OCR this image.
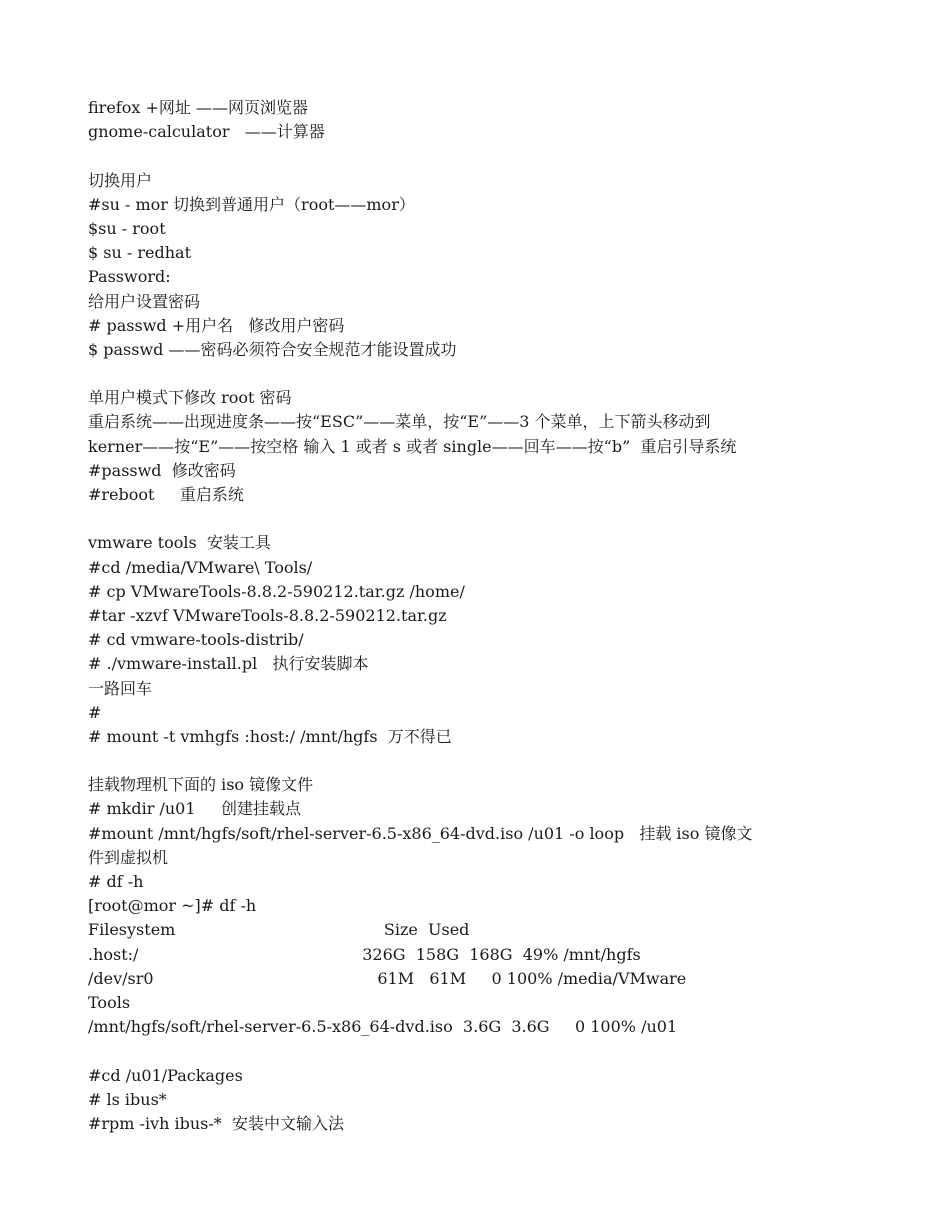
firefox +网址 ——网页浏览器
gnome-calculator   ——计算器
切换用户
#su - mor 切换到普通用户（root——mor）
$su - root
$ su - redhat
Password:
给用户设置密码
# passwd +用户名   修改用户密码
$ passwd ——密码必须符合安全规范才能设置成功
单用户模式下修改 root 密码
重启系统——出现进度条——按“ESC”——菜单，按“E”——3 个菜单，上下箭头移动到
kerner——按“E”——按空格 输入 1 或者 s 或者 single——回车——按“b”  重启引导系统
#passwd  修改密码
#reboot     重启系统
vmware tools  安装工具
#cd /media/VMware\ Tools/
# cp VMwareTools-8.8.2-590212.tar.gz /home/
#tar -xzvf VMwareTools-8.8.2-590212.tar.gz
# cd vmware-tools-distrib/
# ./vmware-install.pl   执行安装脚本
一路回车
#
# mount -t vmhgfs :host:/ /mnt/hgfs  万不得已
挂载物理机下面的 iso 镜像文件
# mkdir /u01     创建挂载点
#mount /mnt/hgfs/soft/rhel-server-6.5-x86_64-dvd.iso /u01 -o loop   挂载 iso 镜像文
件到虚拟机
# df -h
[root@mor ~]# df -h
Filesystem                                         Size  Used
.host:/                                            326G  158G  168G  49% /mnt/hgfs
/dev/sr0                                            61M   61M     0 100% /media/VMware
Tools
/mnt/hgfs/soft/rhel-server-6.5-x86_64-dvd.iso  3.6G  3.6G     0 100% /u01
#cd /u01/Packages
# ls ibus*
#rpm -ivh ibus-*  安装中文输入法
